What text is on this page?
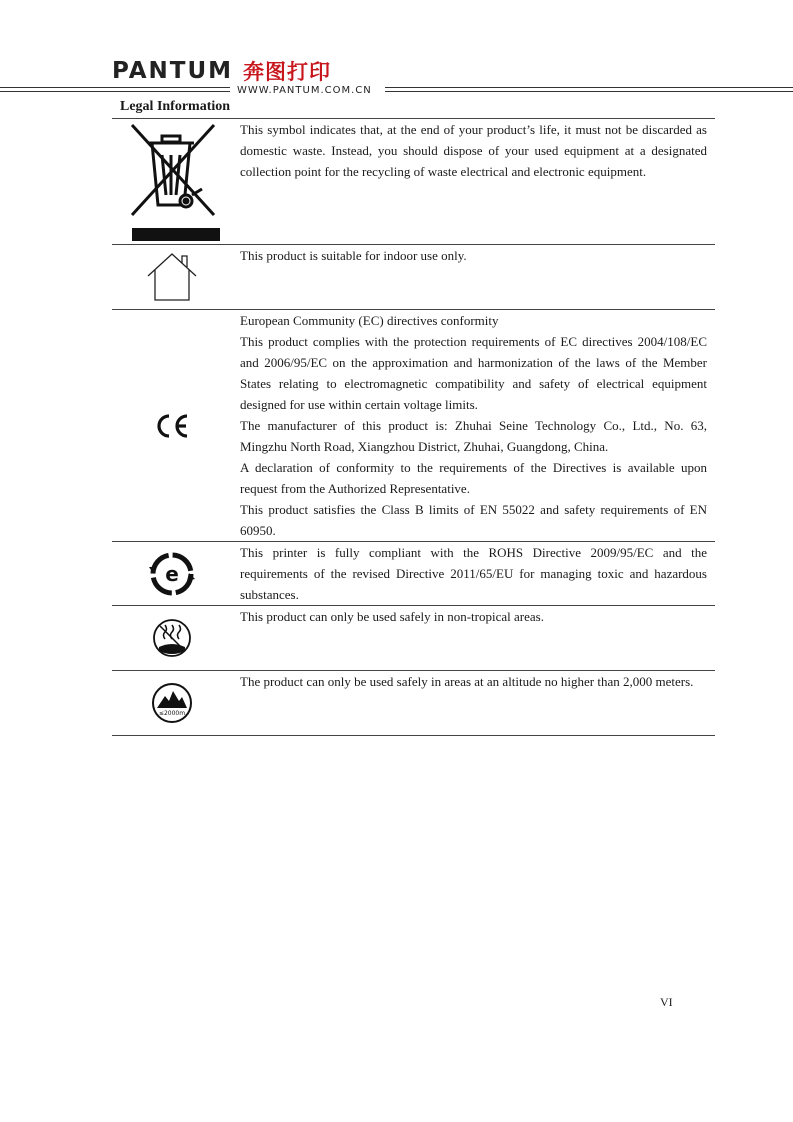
PANTUM 奔图打印
WWW.PANTUM.COM.CN
Legal Information

This symbol indicates that, at the end of your product’s life, it must not be discarded as domestic waste. Instead, you should dispose of your used equipment at a designated collection point for the recycling of waste electrical and electronic equipment.

This product is suitable for indoor use only.

European Community (EC) directives conformity

This product complies with the protection requirements of EC directives 2004/108/EC and 2006/95/EC on the approximation and harmonization of the laws of the Member States relating to electromagnetic compatibility and safety of electrical equipment designed for use within certain voltage limits.

The manufacturer of this product is: Zhuhai Seine Technology Co., Ltd., No. 63, Mingzhu North Road, Xiangzhou District, Zhuhai, Guangdong, China.

A declaration of conformity to the requirements of the Directives is available upon request from the Authorized Representative.

This product satisfies the Class B limits of EN 55022 and safety requirements of EN 60950.

e

This printer is fully compliant with the ROHS Directive 2009/95/EC and the requirements of the revised Directive 2011/65/EU for managing toxic and hazardous substances.

This product can only be used safely in non-tropical areas.

≤2000m

The product can only be used safely in areas at an altitude no higher than 2,000 meters.

VI
